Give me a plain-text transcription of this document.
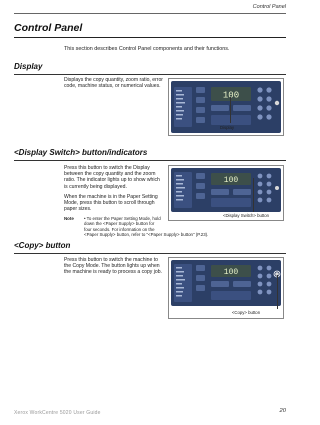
Control Panel
Control Panel
This section describes Control Panel components and their functions.
Display
Displays the copy quantity, zoom ratio, error
code, machine status, or numerical values.
100
Display
<Display Switch> button/indicators
Press this button to switch the Display
between the copy quantity and the zoom
ratio. The indicator lights up to show which
is currently being displayed.
When the machine is in the Paper Setting
Mode, press this button to scroll through
paper sizes.
Note • To enter the Paper Setting Mode, hold
down the <Paper Supply> button for
four seconds. For information on the
<Paper Supply> button, refer to "<Paper Supply> button" (P.23).
100
<Display Switch> button
<Copy> button
Press this button to switch the machine to
the Copy Mode. The button lights up when
the machine is ready to process a copy job.	100
<Copy> button
Xerox WorkCentre 5020 User Guide	20
